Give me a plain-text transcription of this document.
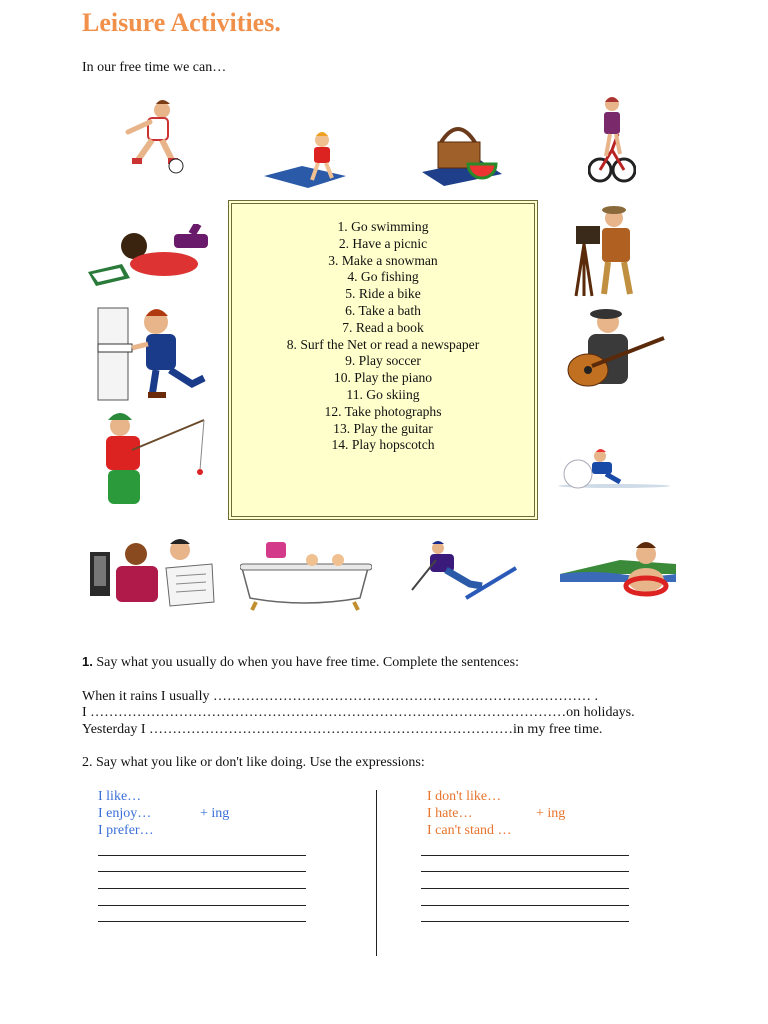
Leisure Activities.
In our free time we can…
1. Go swimming
2. Have a picnic
3. Make a snowman
4. Go fishing
5. Ride a bike
6. Take a bath
7. Read a book
8. Surf the Net or read a newspaper
9. Play soccer
10. Play the piano
11. Go skiing
12. Take photographs
13. Play the guitar
14. Play hopscotch
1. Say what you usually do when you have free time. Complete the sentences:
When it rains I usually ……………………………………………………………………… .
I …………………………………………………………………………………………on holidays.
Yesterday I ……………………………………………………………………in my free time.
2. Say what you like or don't like doing. Use the expressions:
I like…
I enjoy…	+ ing
I prefer…
I don't like…
I hate…	+ ing
I can't stand …
